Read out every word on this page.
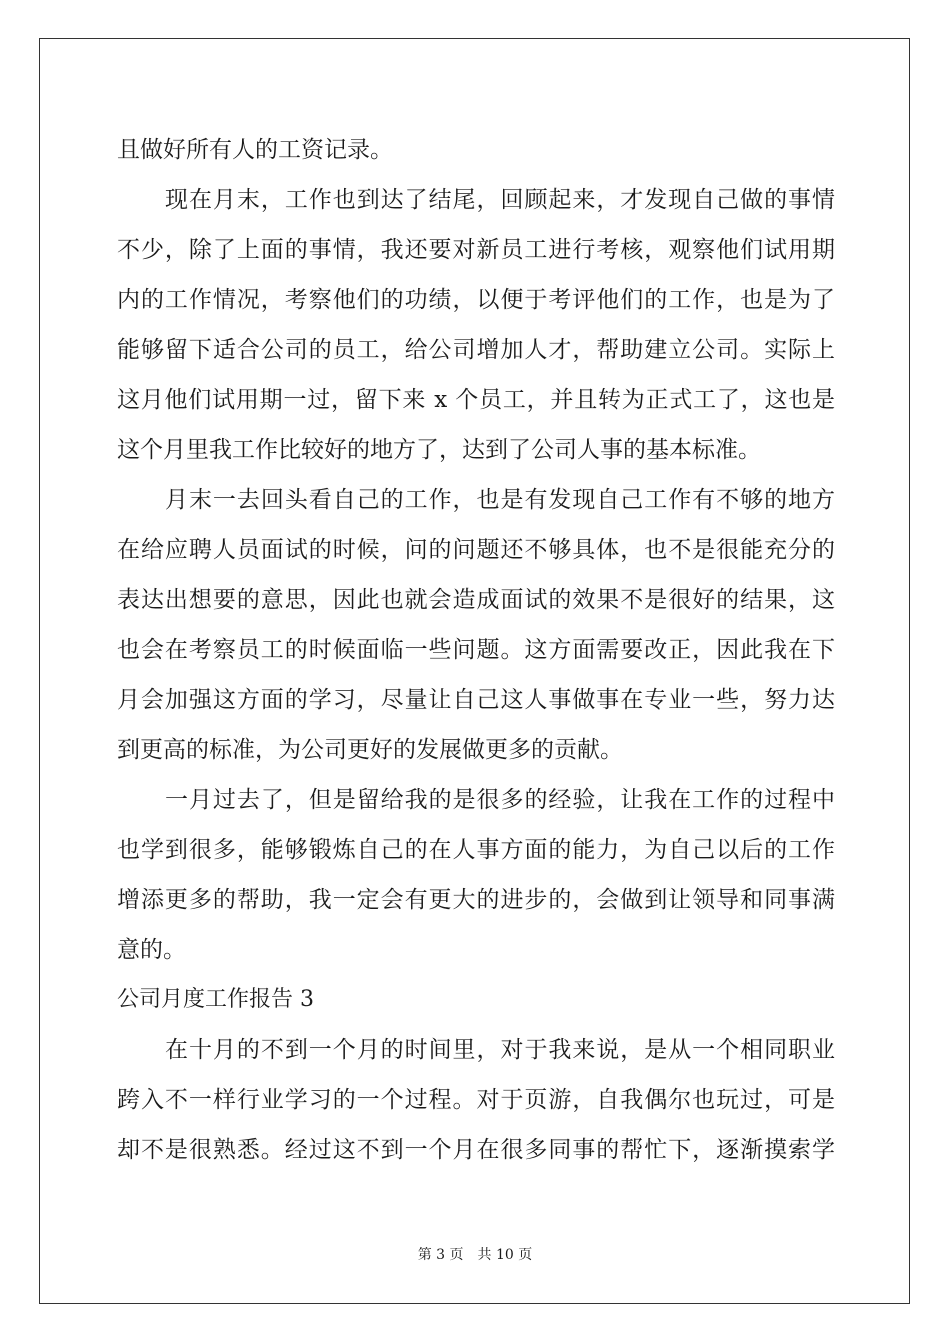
且做好所有人的工资记录。
现在月末，工作也到达了结尾，回顾起来，才发现自己做的事情
不少，除了上面的事情，我还要对新员工进行考核，观察他们试用期
内的工作情况，考察他们的功绩，以便于考评他们的工作，也是为了
能够留下适合公司的员工，给公司增加人才，帮助建立公司。实际上
这月他们试用期一过，留下来 x 个员工，并且转为正式工了，这也是
这个月里我工作比较好的地方了，达到了公司人事的基本标准。
月末一去回头看自己的工作，也是有发现自己工作有不够的地方
在给应聘人员面试的时候，问的问题还不够具体，也不是很能充分的
表达出想要的意思，因此也就会造成面试的效果不是很好的结果，这
也会在考察员工的时候面临一些问题。这方面需要改正，因此我在下
月会加强这方面的学习，尽量让自己这人事做事在专业一些，努力达
到更高的标准，为公司更好的发展做更多的贡献。
一月过去了，但是留给我的是很多的经验，让我在工作的过程中
也学到很多，能够锻炼自己的在人事方面的能力，为自己以后的工作
增添更多的帮助，我一定会有更大的进步的，会做到让领导和同事满
意的。
公司月度工作报告 3
在十月的不到一个月的时间里，对于我来说，是从一个相同职业
跨入不一样行业学习的一个过程。对于页游，自我偶尔也玩过，可是
却不是很熟悉。经过这不到一个月在很多同事的帮忙下，逐渐摸索学
第 3 页 共 10 页
